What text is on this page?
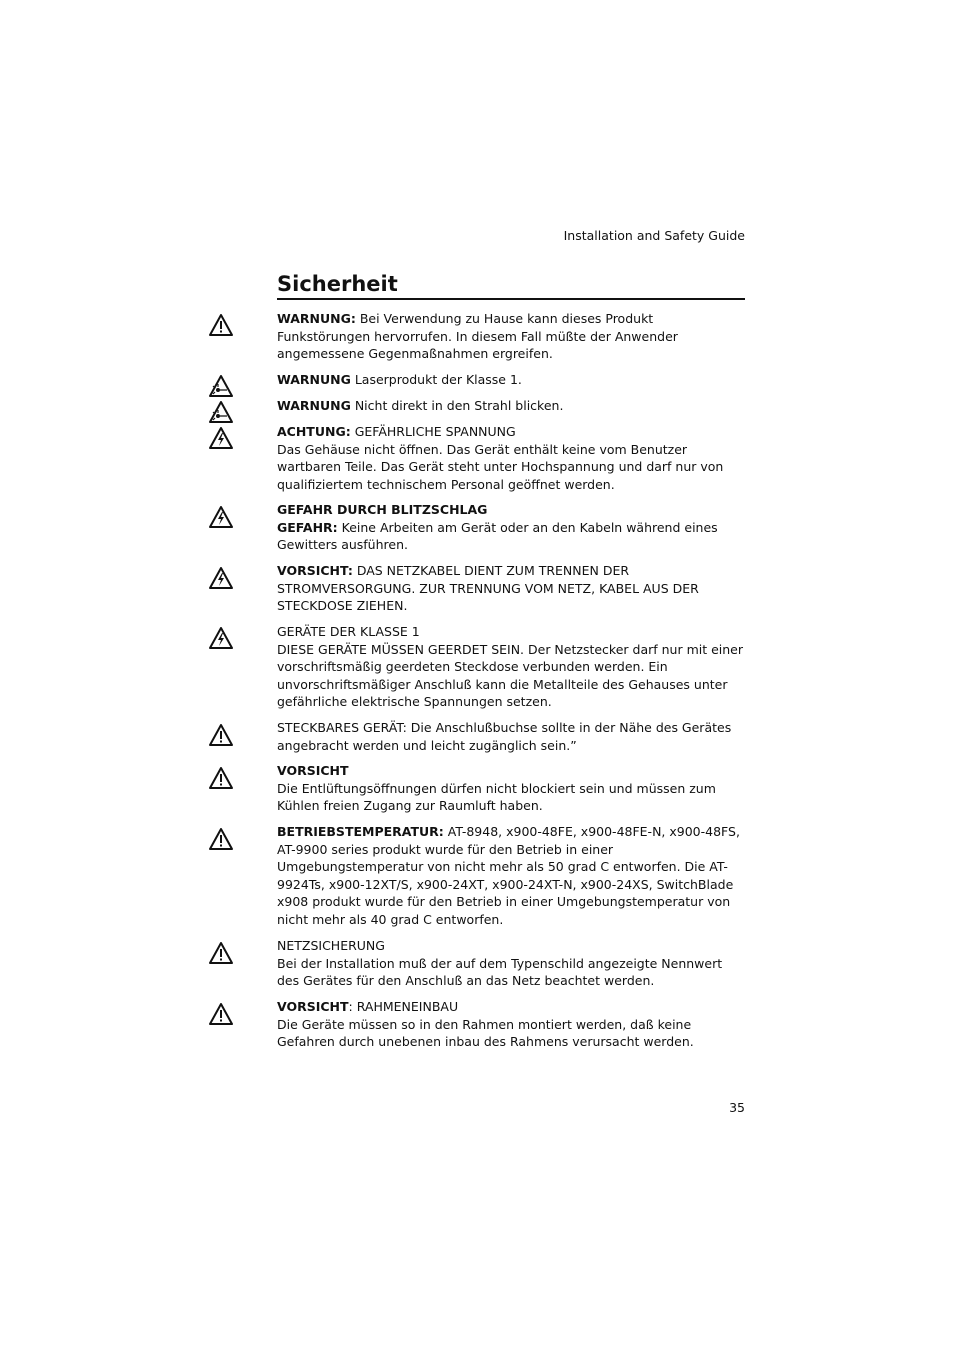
Installation and Safety Guide
Sicherheit

WARNUNG: Bei Verwendung zu Hause kann dieses Produkt Funkstörungen hervorrufen. In diesem Fall müßte der Anwender angemessene Gegenmaßnahmen ergreifen.

WARNUNG Laserprodukt der Klasse 1.

WARNUNG Nicht direkt in den Strahl blicken.

ACHTUNG: GEFÄHRLICHE SPANNUNG

Das Gehäuse nicht öffnen. Das Gerät enthält keine vom Benutzer wartbaren Teile. Das Gerät steht unter Hochspannung und darf nur von qualifiziertem technischem Personal geöffnet werden.

GEFAHR DURCH BLITZSCHLAG

GEFAHR: Keine Arbeiten am Gerät oder an den Kabeln während eines Gewitters ausführen.

VORSICHT: DAS NETZKABEL DIENT ZUM TRENNEN DER STROMVERSORGUNG. ZUR TRENNUNG VOM NETZ, KABEL AUS DER STECKDOSE ZIEHEN.

GERÄTE DER KLASSE 1

DIESE GERÄTE MÜSSEN GEERDET SEIN. Der Netzstecker darf nur mit einer vorschriftsmäßig geerdeten Steckdose verbunden werden. Ein unvorschriftsmäßiger Anschluß kann die Metallteile des Gehauses unter gefährliche elektrische Spannungen setzen.

STECKBARES GERÄT: Die Anschlußbuchse sollte in der Nähe des Gerätes angebracht werden und leicht zugänglich sein.”

VORSICHT

Die Entlüftungsöffnungen dürfen nicht blockiert sein und müssen zum Kühlen freien Zugang zur Raumluft haben.

BETRIEBSTEMPERATUR: AT-8948, x900-48FE, x900-48FE-N, x900-48FS, AT-9900 series produkt wurde für den Betrieb in einer Umgebungstemperatur von nicht mehr als 50 grad C entworfen. Die AT-9924Ts, x900-12XT/S, x900-24XT, x900-24XT-N, x900-24XS, SwitchBlade x908 produkt wurde für den Betrieb in einer Umgebungstemperatur von nicht mehr als 40 grad C entworfen.

NETZSICHERUNG

Bei der Installation muß der auf dem Typenschild angezeigte Nennwert des Gerätes für den Anschluß an das Netz beachtet werden.

VORSICHT: RAHMENEINBAU

Die Geräte müssen so in den Rahmen montiert werden, daß keine Gefahren durch unebenen inbau des Rahmens verursacht werden.

35
